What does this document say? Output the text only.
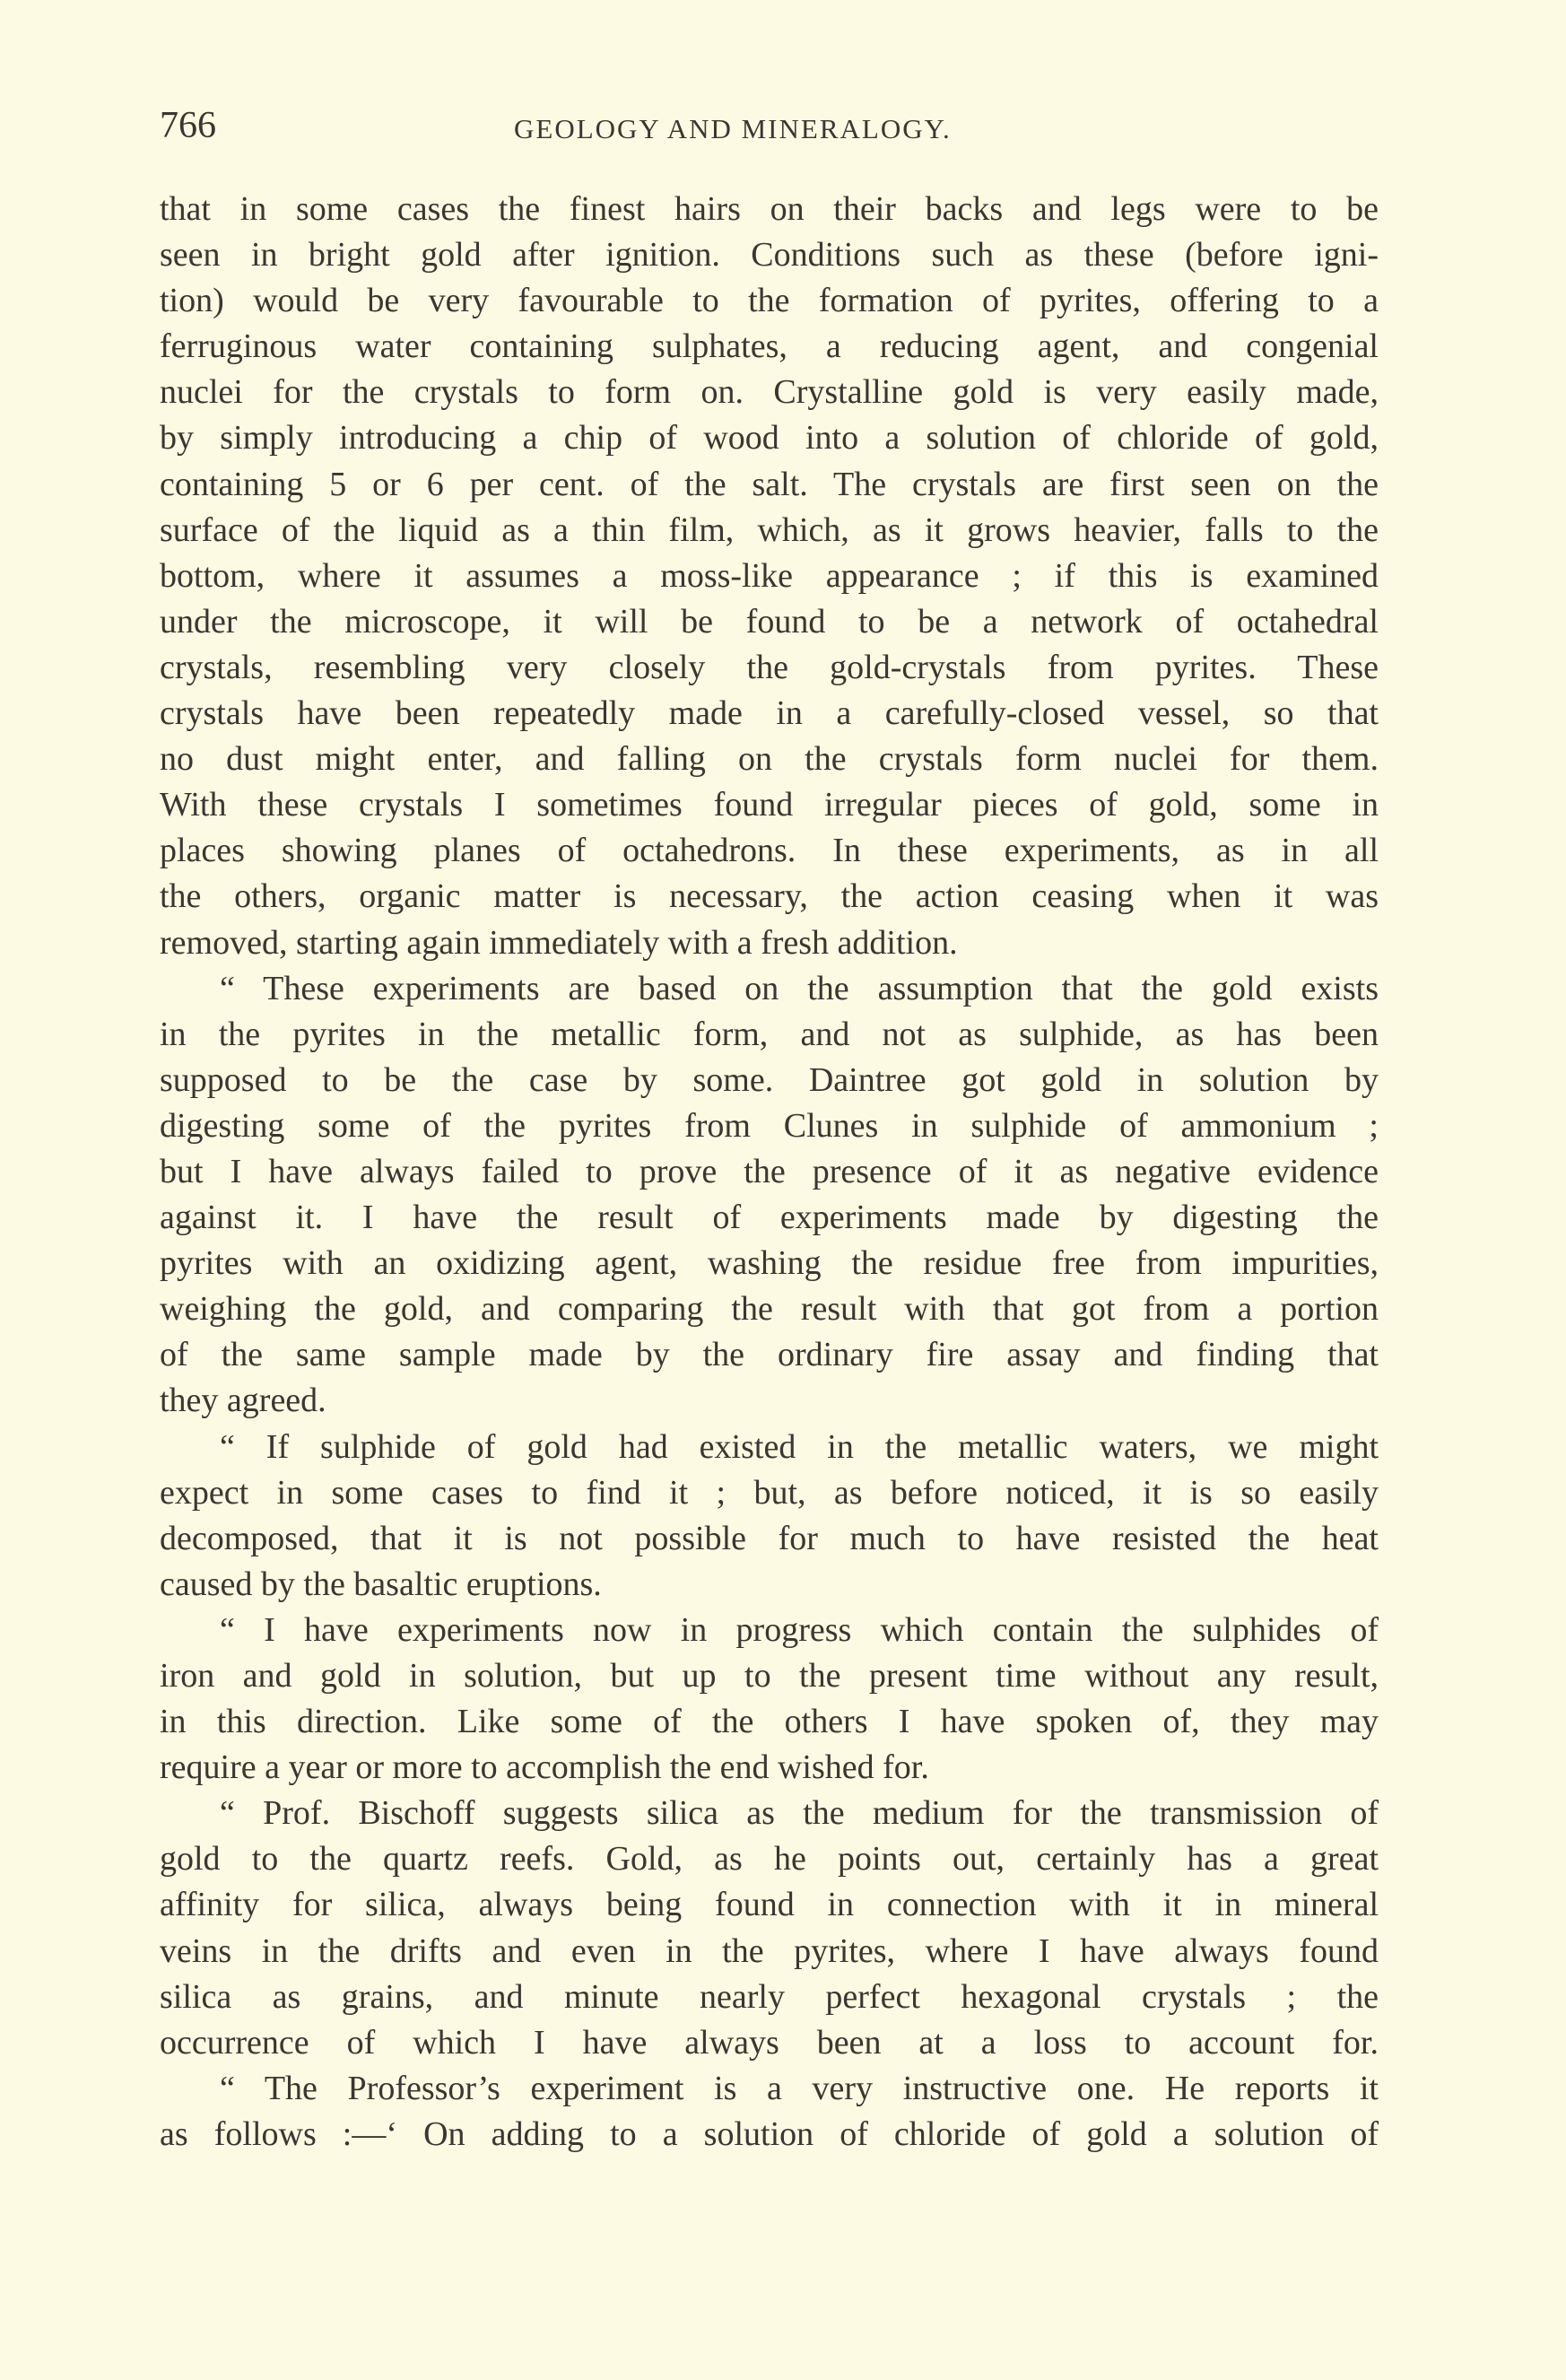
766	GEOLOGY AND MINERALOGY.
that in some cases the finest hairs on their backs and legs were to be
seen in bright gold after ignition. Conditions such as these (before igni-
tion) would be very favourable to the formation of pyrites, offering to a
ferruginous water containing sulphates, a reducing agent, and congenial
nuclei for the crystals to form on. Crystalline gold is very easily made,
by simply introducing a chip of wood into a solution of chloride of gold,
containing 5 or 6 per cent. of the salt. The crystals are first seen on the
surface of the liquid as a thin film, which, as it grows heavier, falls to the
bottom, where it assumes a moss-like appearance ; if this is examined
under the microscope, it will be found to be a network of octahedral
crystals, resembling very closely the gold-crystals from pyrites. These
crystals have been repeatedly made in a carefully-closed vessel, so that
no dust might enter, and falling on the crystals form nuclei for them.
With these crystals I sometimes found irregular pieces of gold, some in
places showing planes of octahedrons. In these experiments, as in all
the others, organic matter is necessary, the action ceasing when it was
removed, starting again immediately with a fresh addition.
“ These experiments are based on the assumption that the gold exists
in the pyrites in the metallic form, and not as sulphide, as has been
supposed to be the case by some. Daintree got gold in solution by
digesting some of the pyrites from Clunes in sulphide of ammonium ;
but I have always failed to prove the presence of it as negative evidence
against it. I have the result of experiments made by digesting the
pyrites with an oxidizing agent, washing the residue free from impurities,
weighing the gold, and comparing the result with that got from a portion
of the same sample made by the ordinary fire assay and finding that
they agreed.
“ If sulphide of gold had existed in the metallic waters, we might
expect in some cases to find it ; but, as before noticed, it is so easily
decomposed, that it is not possible for much to have resisted the heat
caused by the basaltic eruptions.
“ I have experiments now in progress which contain the sulphides of
iron and gold in solution, but up to the present time without any result,
in this direction. Like some of the others I have spoken of, they may
require a year or more to accomplish the end wished for.
“ Prof. Bischoff suggests silica as the medium for the transmission of
gold to the quartz reefs. Gold, as he points out, certainly has a great
affinity for silica, always being found in connection with it in mineral
veins in the drifts and even in the pyrites, where I have always found
silica as grains, and minute nearly perfect hexagonal crystals ; the
occurrence of which I have always been at a loss to account for.
“ The Professor’s experiment is a very instructive one. He reports it
as follows :—‘ On adding to a solution of chloride of gold a solution of
